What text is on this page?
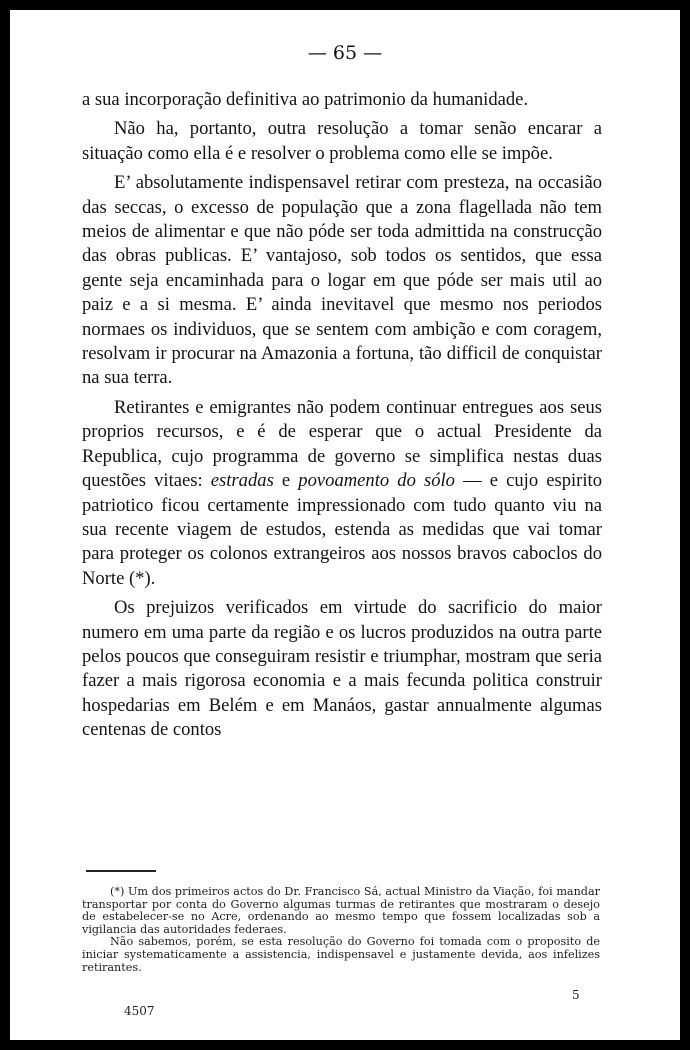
— 65 —

a sua incorporação definitiva ao patrimonio da humanidade.

Não ha, portanto, outra resolução a tomar senão encarar a situação como ella é e resolver o problema como elle se impõe.

E’ absolutamente indispensavel retirar com presteza, na occasião das seccas, o excesso de população que a zona flagellada não tem meios de alimentar e que não póde ser toda admittida na construcção das obras publicas. E’ vantajoso, sob todos os sentidos, que essa gente seja encaminhada para o logar em que póde ser mais util ao paiz e a si mesma. E’ ainda inevitavel que mesmo nos periodos normaes os individuos, que se sentem com ambição e com coragem, resolvam ir procurar na Amazonia a fortuna, tão difficil de conquistar na sua terra.

Retirantes e emigrantes não podem continuar entregues aos seus proprios recursos, e é de esperar que o actual Presidente da Republica, cujo programma de governo se simplifica nestas duas questões vitaes: estradas e povoamento do sólo — e cujo espirito patriotico ficou certamente impressionado com tudo quanto viu na sua recente viagem de estudos, estenda as medidas que vai tomar para proteger os colonos extrangeiros aos nossos bravos caboclos do Norte (*).

Os prejuizos verificados em virtude do sacrificio do maior numero em uma parte da região e os lucros produzidos na outra parte pelos poucos que conseguiram resistir e triumphar, mostram que seria fazer a mais rigorosa economia e a mais fecunda politica construir hospedarias em Belém e em Manáos, gastar annualmente algumas centenas de contos

(*) Um dos primeiros actos do Dr. Francisco Sá, actual Ministro da Viação, foi mandar transportar por conta do Governo algumas turmas de retirantes que mostraram o desejo de estabelecer-se no Acre, ordenando ao mesmo tempo que fossem localizadas sob a vigilancia das autoridades federaes.

Não sabemos, porém, se esta resolução do Governo foi tomada com o proposito de iniciar systematicamente a assistencia, indispensavel e justamente devida, aos infelizes retirantes.

5
4507
